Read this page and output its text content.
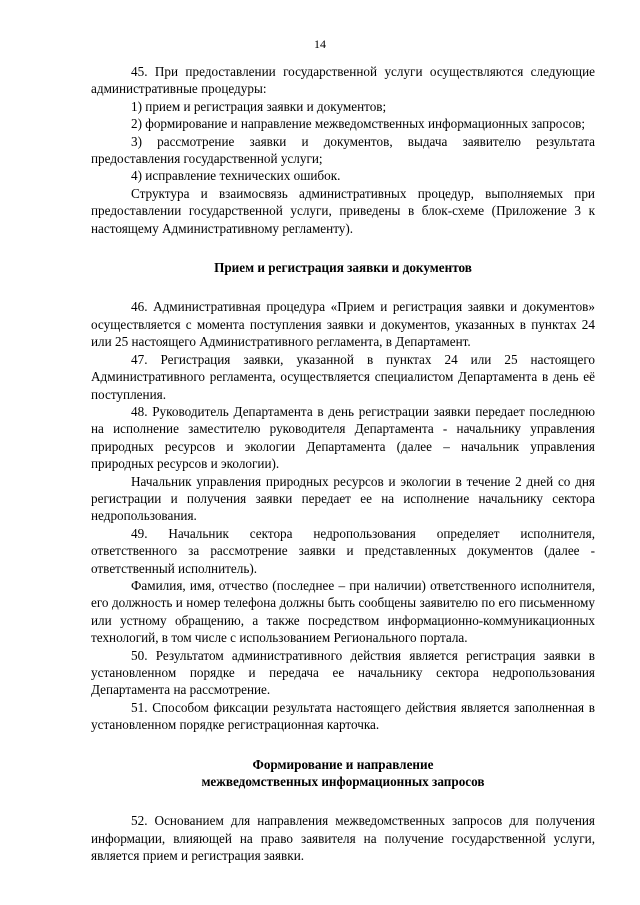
14

45. При предоставлении государственной услуги осуществляются следующие административные процедуры:

1) прием и регистрация заявки и документов;

2) формирование и направление межведомственных информационных запросов;

3) рассмотрение заявки и документов, выдача заявителю результата предоставления государственной услуги;

4) исправление технических ошибок.

Структура и взаимосвязь административных процедур, выполняемых при предоставлении государственной услуги, приведены в блок-схеме (Приложение 3 к настоящему Административному регламенту).

Прием и регистрация заявки и документов

46. Административная процедура «Прием и регистрация заявки и документов» осуществляется с момента поступления заявки и документов, указанных в пунктах 24 или 25 настоящего Административного регламента, в Департамент.

47. Регистрация заявки, указанной в пунктах 24 или 25 настоящего Административного регламента, осуществляется специалистом Департамента в день её поступления.

48. Руководитель Департамента в день регистрации заявки передает последнюю на исполнение заместителю руководителя Департамента - начальнику управления природных ресурсов и экологии Департамента (далее – начальник управления природных ресурсов и экологии).

Начальник управления природных ресурсов и экологии в течение 2 дней со дня регистрации и получения заявки передает ее на исполнение начальнику сектора недропользования.

49. Начальник сектора недропользования определяет исполнителя, ответственного за рассмотрение заявки и представленных документов (далее - ответственный исполнитель).

Фамилия, имя, отчество (последнее – при наличии) ответственного исполнителя, его должность и номер телефона должны быть сообщены заявителю по его письменному или устному обращению, а также посредством информационно-коммуникационных технологий, в том числе с использованием Регионального портала.

50. Результатом административного действия является регистрация заявки в установленном порядке и передача ее начальнику сектора недропользования Департамента на рассмотрение.

51. Способом фиксации результата настоящего действия является заполненная в установленном порядке регистрационная карточка.

Формирование и направление
межведомственных информационных запросов

52. Основанием для направления межведомственных запросов для получения информации, влияющей на право заявителя на получение государственной услуги, является прием и регистрация заявки.
